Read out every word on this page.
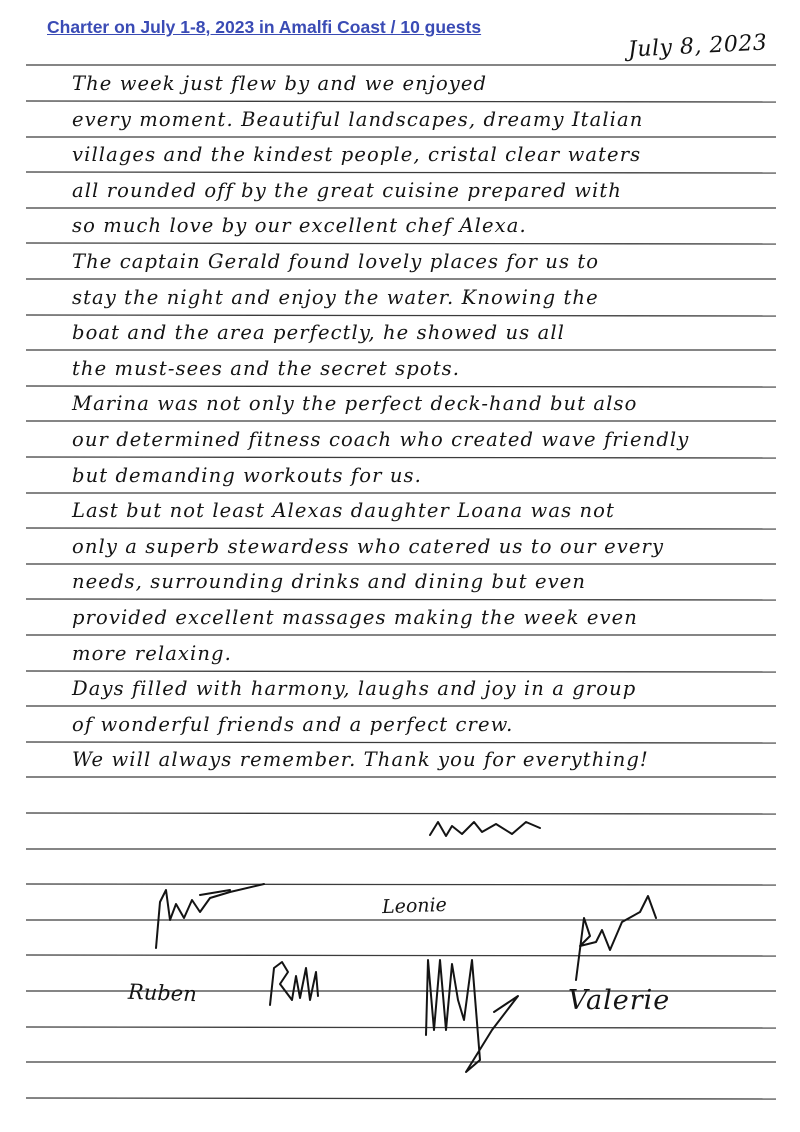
Charter on July 1-8, 2023 in Amalfi Coast / 10 guests
July 8, 2023
The week just flew by and we enjoyed
every moment. Beautiful landscapes, dreamy Italian
villages and the kindest people, cristal clear waters
all rounded off by the great cuisine prepared with
so much love by our excellent chef Alexa.
The captain Gerald found lovely places for us to
stay the night and enjoy the water. Knowing the
boat and the area perfectly, he showed us all
the must-sees and the secret spots.
Marina was not only the perfect deck-hand but also
our determined fitness coach who created wave friendly
but demanding workouts for us.
Last but not least Alexas daughter Loana was not
only a superb stewardess who catered us to our every
needs, surrounding drinks and dining but even
provided excellent massages making the week even
more relaxing.
Days filled with harmony, laughs and joy in a group
of wonderful friends and a perfect crew.
We will always remember. Thank you for everything!
Leonie
Ruben	Valerie
